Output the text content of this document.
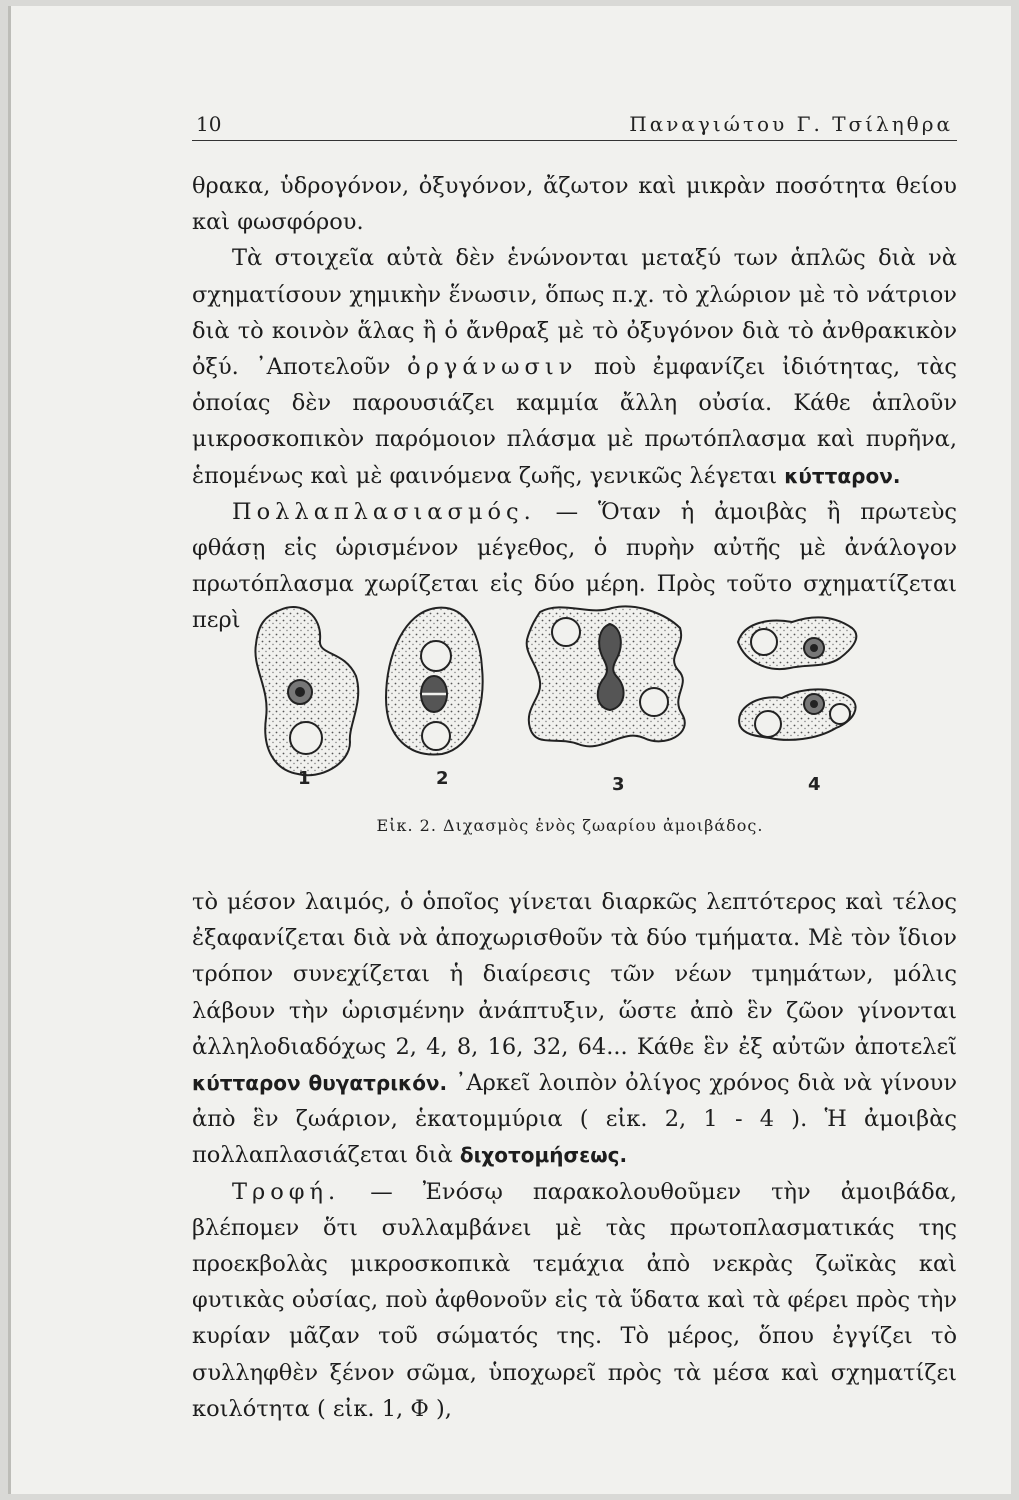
10	Παναγιώτου Γ. Τσίληθρα

θρακα, ὑδρογόνον, ὀξυγόνον, ἄζωτον καὶ μικρὰν ποσότητα θείου καὶ φωσφόρου.

Τὰ στοιχεῖα αὐτὰ δὲν ἑνώνονται μεταξύ των ἁπλῶς διὰ νὰ σχηματίσουν χημικὴν ἕνωσιν, ὅπως π.χ. τὸ χλώριον μὲ τὸ νάτριον διὰ τὸ κοινὸν ἅλας ἢ ὁ ἄνθραξ μὲ τὸ ὀξυγόνον διὰ τὸ ἀνθρακικὸν ὀξύ. ᾿Αποτελοῦν ὀργάνωσιν ποὺ ἐμφανίζει ἰδιότητας, τὰς ὁποίας δὲν παρουσιάζει καμμία ἄλλη οὐσία. Κάθε ἁπλοῦν μικροσκοπικὸν παρόμοιον πλάσμα μὲ πρωτόπλασμα καὶ πυρῆνα, ἑπομένως καὶ μὲ φαινόμενα ζωῆς, γενικῶς λέγεται κύτταρον.

Πολλαπλασιασμός. — Ὅταν ἡ ἀμοιβὰς ἢ πρωτεὺς φθάσῃ εἰς ὡρισμένον μέγεθος, ὁ πυρὴν αὐτῆς μὲ ἀνάλογον πρωτόπλασμα χωρίζεται εἰς δύο μέρη. Πρὸς τοῦτο σχηματίζεται περὶ

1	2	3	4
Εἰκ. 2. Διχασμὸς ἑνὸς ζωαρίου ἀμοιβάδος.

τὸ μέσον λαιμός, ὁ ὁποῖος γίνεται διαρκῶς λεπτότερος καὶ τέλος ἐξαφανίζεται διὰ νὰ ἀποχωρισθοῦν τὰ δύο τμήματα. Μὲ τὸν ἴδιον τρόπον συνεχίζεται ἡ διαίρεσις τῶν νέων τμημάτων, μόλις λάβουν τὴν ὡρισμένην ἀνάπτυξιν, ὥστε ἀπὸ ἓν ζῶον γίνονται ἀλληλοδιαδόχως 2, 4, 8, 16, 32, 64... Κάθε ἓν ἐξ αὐτῶν ἀποτελεῖ κύτταρον θυγατρικόν. ᾿Αρκεῖ λοιπὸν ὀλίγος χρόνος διὰ νὰ γίνουν ἀπὸ ἓν ζωάριον, ἑκατομμύρια ( εἰκ. 2, 1 - 4 ). Ἡ ἀμοιβὰς πολλαπλασιάζεται διὰ διχοτομήσεως.

Τροφή. — Ἐνόσῳ παρακολουθοῦμεν τὴν ἀμοιβάδα, βλέπομεν ὅτι συλλαμβάνει μὲ τὰς πρωτοπλασματικάς της προεκβολὰς μικροσκοπικὰ τεμάχια ἀπὸ νεκρὰς ζωϊκὰς καὶ φυτικὰς οὐσίας, ποὺ ἀφθονοῦν εἰς τὰ ὕδατα καὶ τὰ φέρει πρὸς τὴν κυρίαν μᾶζαν τοῦ σώματός της. Τὸ μέρος, ὅπου ἐγγίζει τὸ συλληφθὲν ξένον σῶμα, ὑποχωρεῖ πρὸς τὰ μέσα καὶ σχηματίζει κοιλότητα ( εἰκ. 1, Φ ),
